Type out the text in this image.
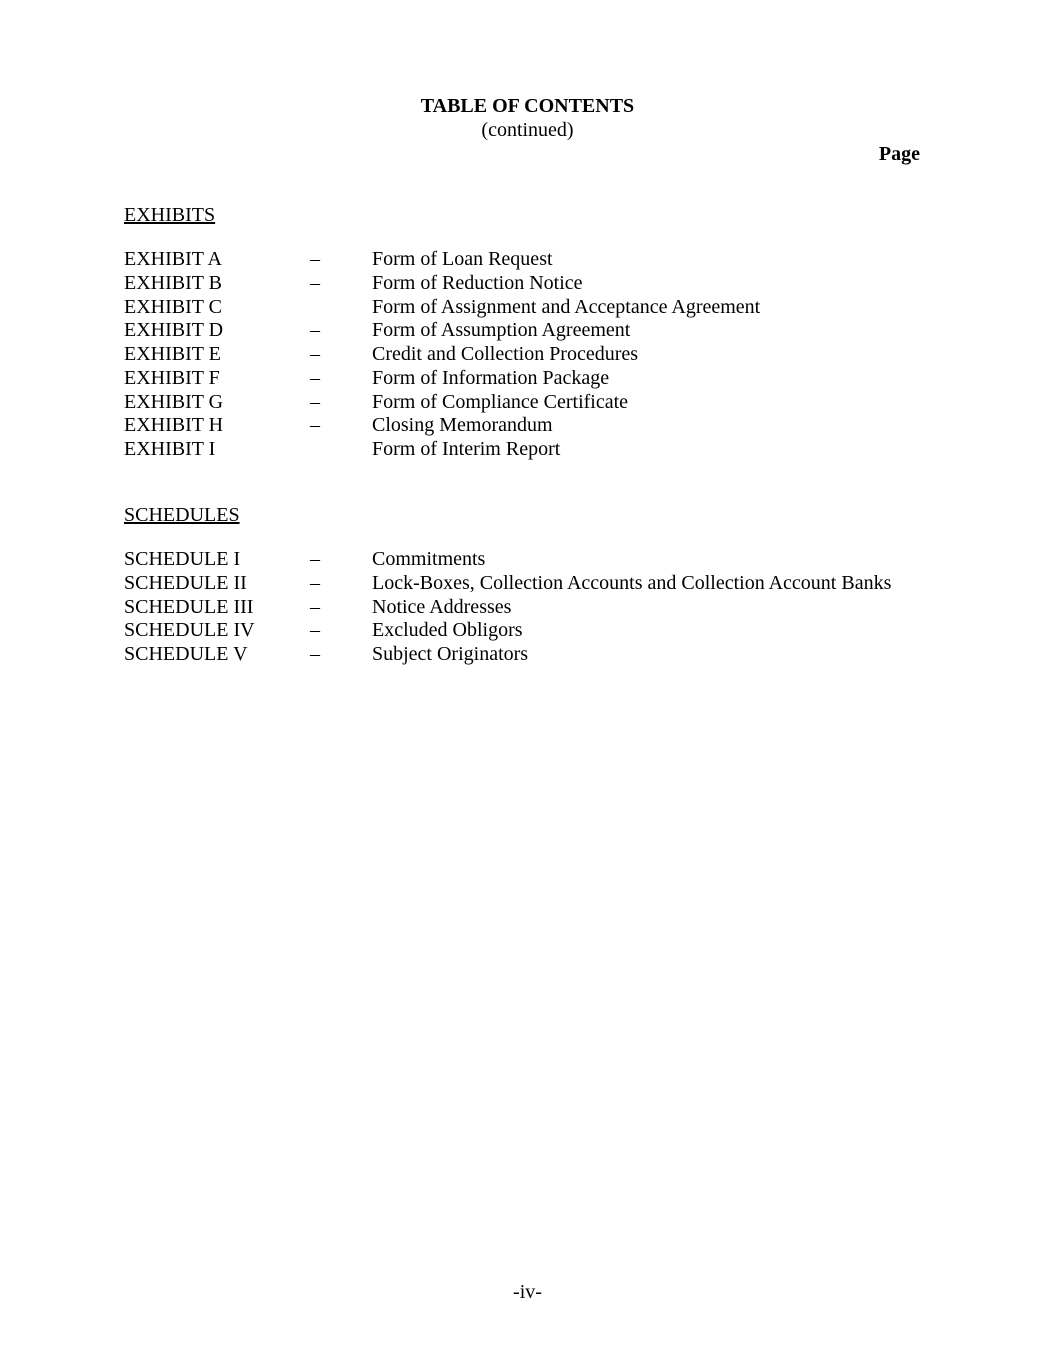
TABLE OF CONTENTS
(continued)
Page
EXHIBITS
EXHIBIT A	–	Form of Loan Request
EXHIBIT B	–	Form of Reduction Notice
EXHIBIT C	Form of Assignment and Acceptance Agreement
EXHIBIT D	–	Form of Assumption Agreement
EXHIBIT E	–	Credit and Collection Procedures
EXHIBIT F	–	Form of Information Package
EXHIBIT G	–	Form of Compliance Certificate
EXHIBIT H	–	Closing Memorandum
EXHIBIT I	Form of Interim Report
SCHEDULES
SCHEDULE I	–	Commitments
SCHEDULE II	–	Lock-Boxes, Collection Accounts and Collection Account Banks
SCHEDULE III	–	Notice Addresses
SCHEDULE IV	–	Excluded Obligors
SCHEDULE V	–	Subject Originators
-iv-
